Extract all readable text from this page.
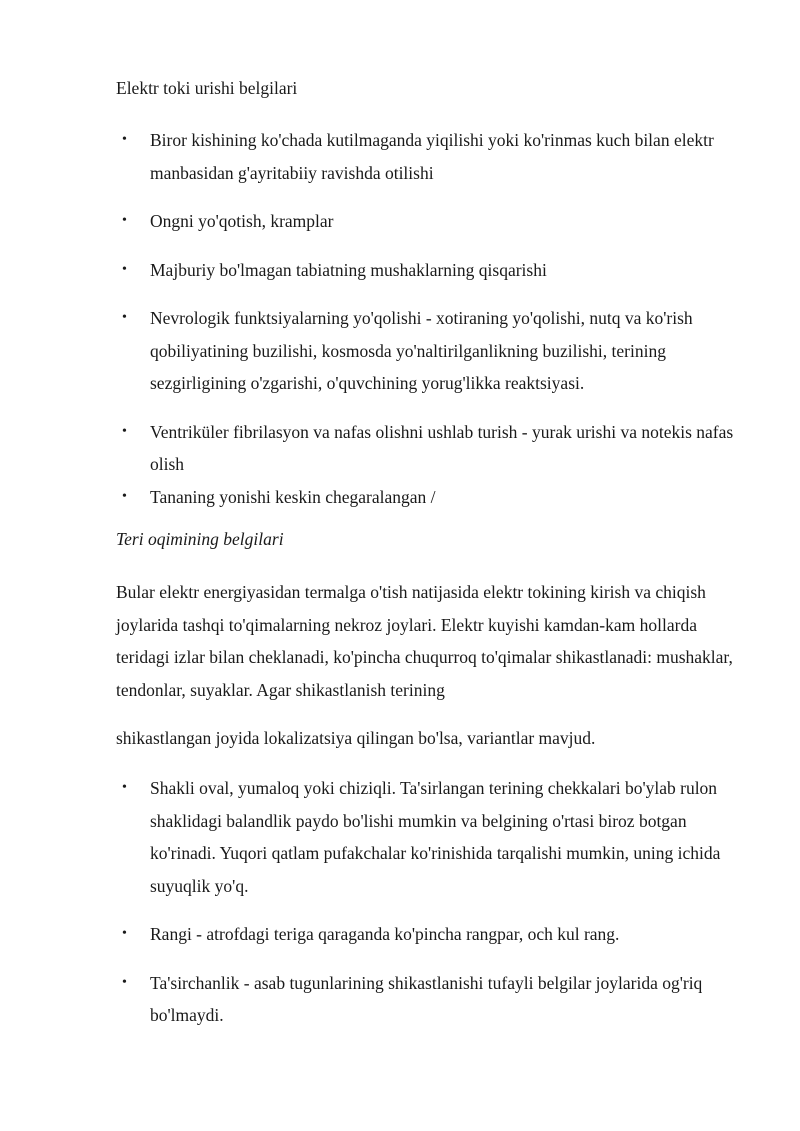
Elektr toki urishi belgilari
• Biror kishining ko'chada kutilmaganda yiqilishi yoki ko'rinmas kuch bilan elektr manbasidan g'ayritabiiy ravishda otilishi
• Ongni yo'qotish, kramplar
• Majburiy bo'lmagan tabiatning mushaklarning qisqarishi
• Nevrologik funktsiyalarning yo'qolishi - xotiraning yo'qolishi, nutq va ko'rish qobiliyatining buzilishi, kosmosda yo'naltirilganlikning buzilishi, terining sezgirligining o'zgarishi, o'quvchining yorug'likka reaktsiyasi.
• Ventriküler fibrilasyon va nafas olishni ushlab turish - yurak urishi va notekis nafas olish
• Tananing yonishi keskin chegaralangan /
Teri oqimining belgilari

Bular elektr energiyasidan termalga o'tish natijasida elektr tokining kirish va chiqish joylarida tashqi to'qimalarning nekroz joylari. Elektr kuyishi kamdan-kam hollarda teridagi izlar bilan cheklanadi, ko'pincha chuqurroq to'qimalar shikastlanadi: mushaklar, tendonlar, suyaklar. Agar shikastlanish terining

shikastlangan joyida lokalizatsiya qilingan bo'lsa, variantlar mavjud.

• Shakli oval, yumaloq yoki chiziqli. Ta'sirlangan terining chekkalari bo'ylab rulon shaklidagi balandlik paydo bo'lishi mumkin va belgining o'rtasi biroz botgan ko'rinadi. Yuqori qatlam pufakchalar ko'rinishida tarqalishi mumkin, uning ichida suyuqlik yo'q.
• Rangi - atrofdagi teriga qaraganda ko'pincha rangpar, och kul rang.
• Ta'sirchanlik - asab tugunlarining shikastlanishi tufayli belgilar joylarida og'riq bo'lmaydi.
